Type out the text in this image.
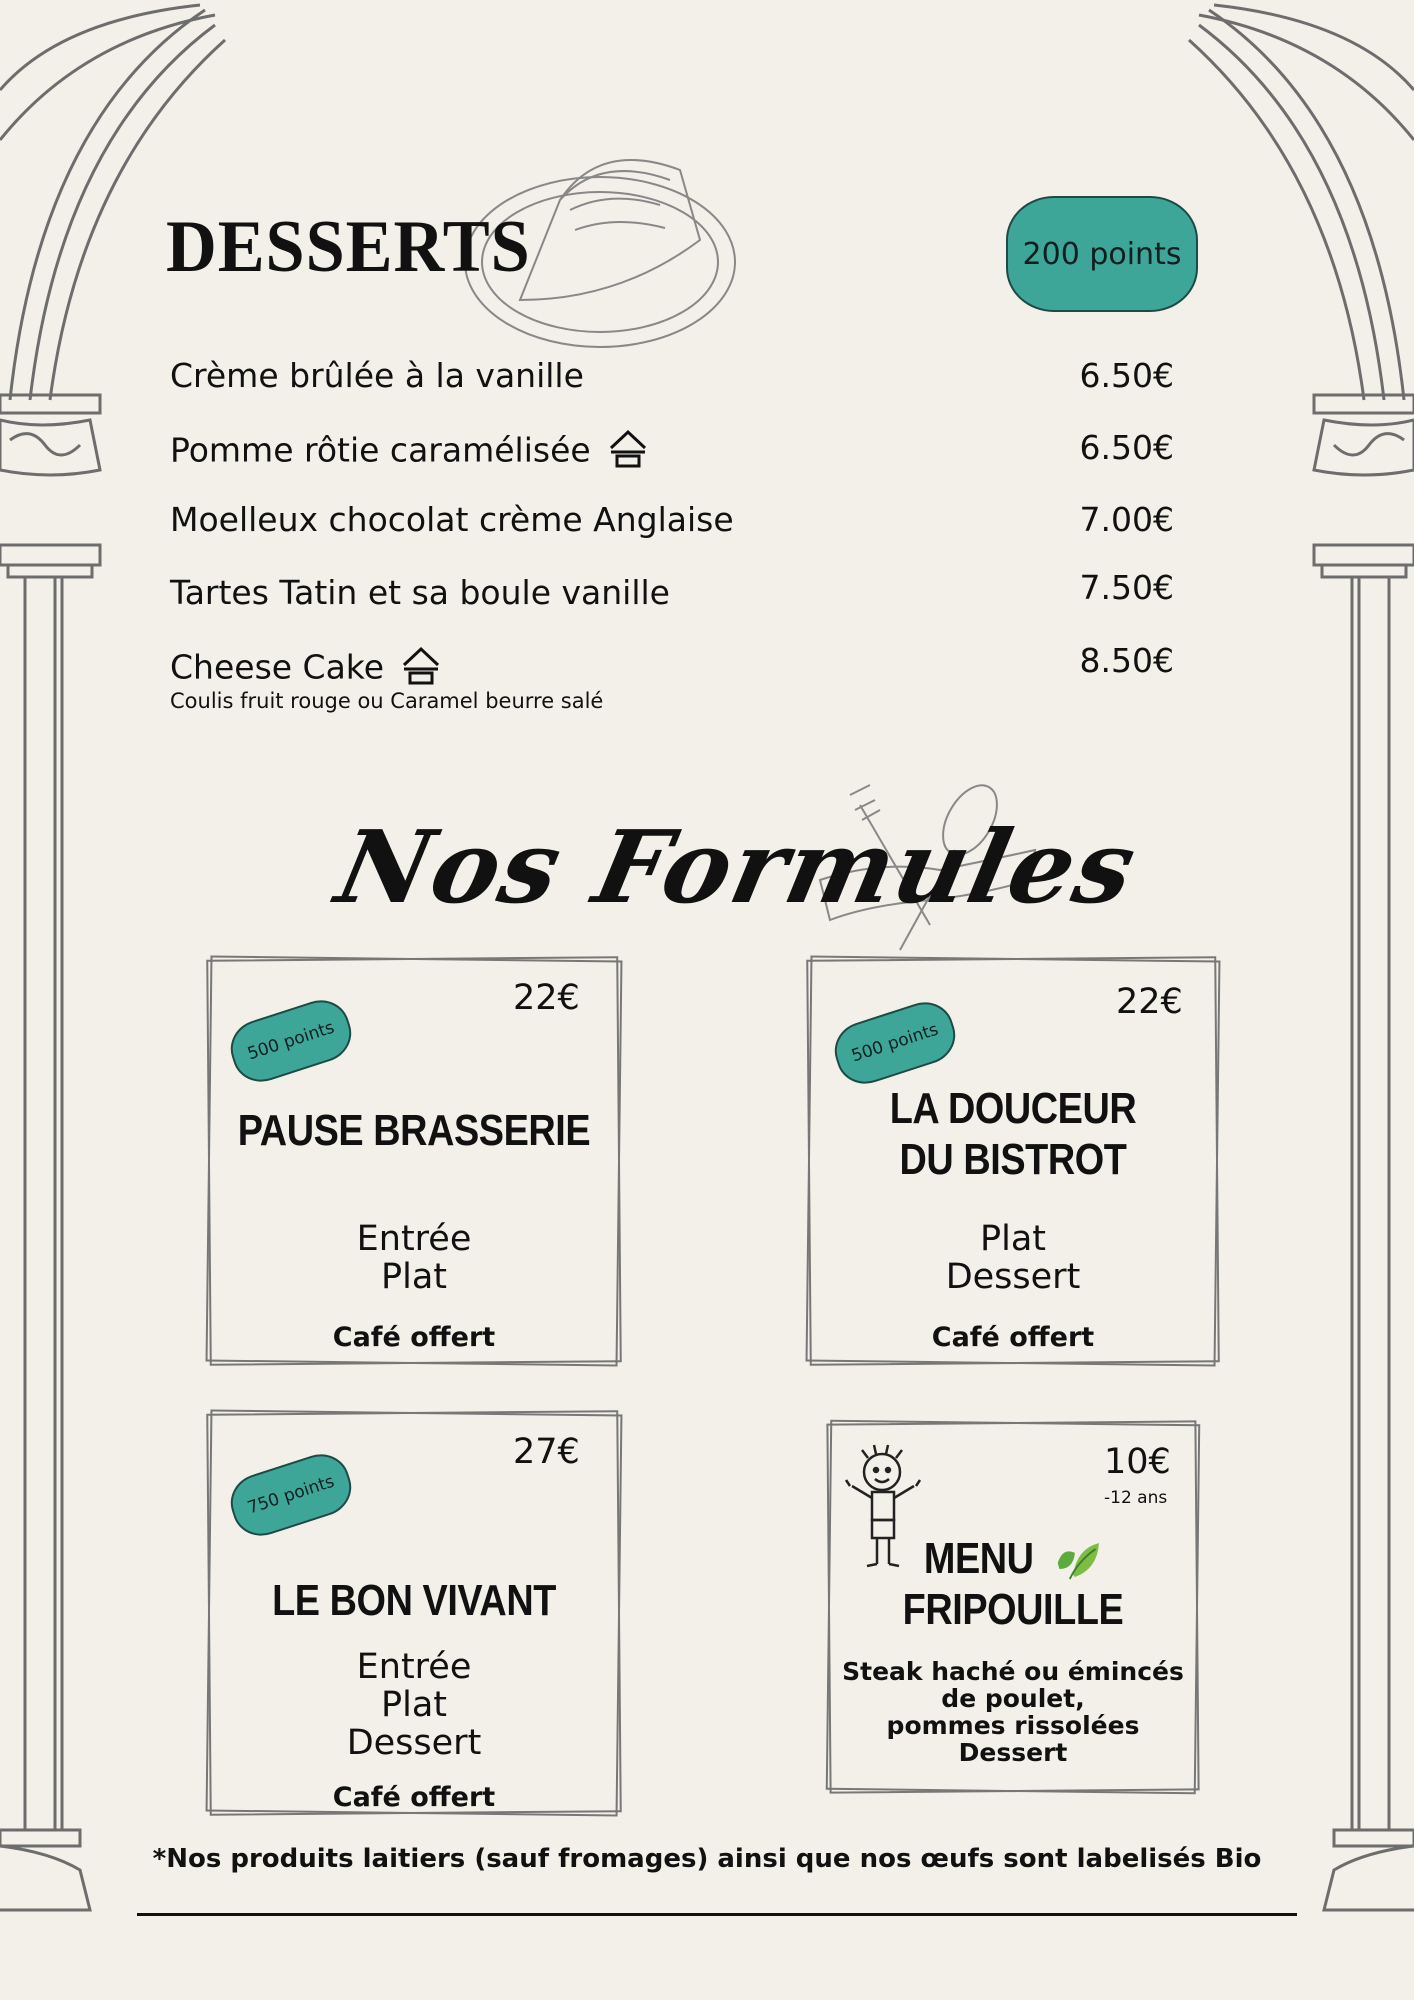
DESSERTS	200 points
Crème brûlée à la vanille	6.50€
Pomme rôtie caramélisée	6.50€
Moelleux chocolat crème Anglaise	7.00€
Tartes Tatin et sa boule vanille	7.50€
Cheese Cake	8.50€
Coulis fruit rouge ou Caramel beurre salé
Nos Formules
500 points
22€
PAUSE BRASSERIE
Entrée
Plat
Café offert
500 points
22€
LA DOUCEUR
DU BISTROT
Plat
Dessert
Café offert
750 points
27€
LE BON VIVANT
Entrée
Plat
Dessert
Café offert
10€
-12 ans
MENU
FRIPOUILLE
Steak haché ou émincés
de poulet,
pommes rissolées
Dessert
*Nos produits laitiers (sauf fromages) ainsi que nos œufs sont labelisés Bio
